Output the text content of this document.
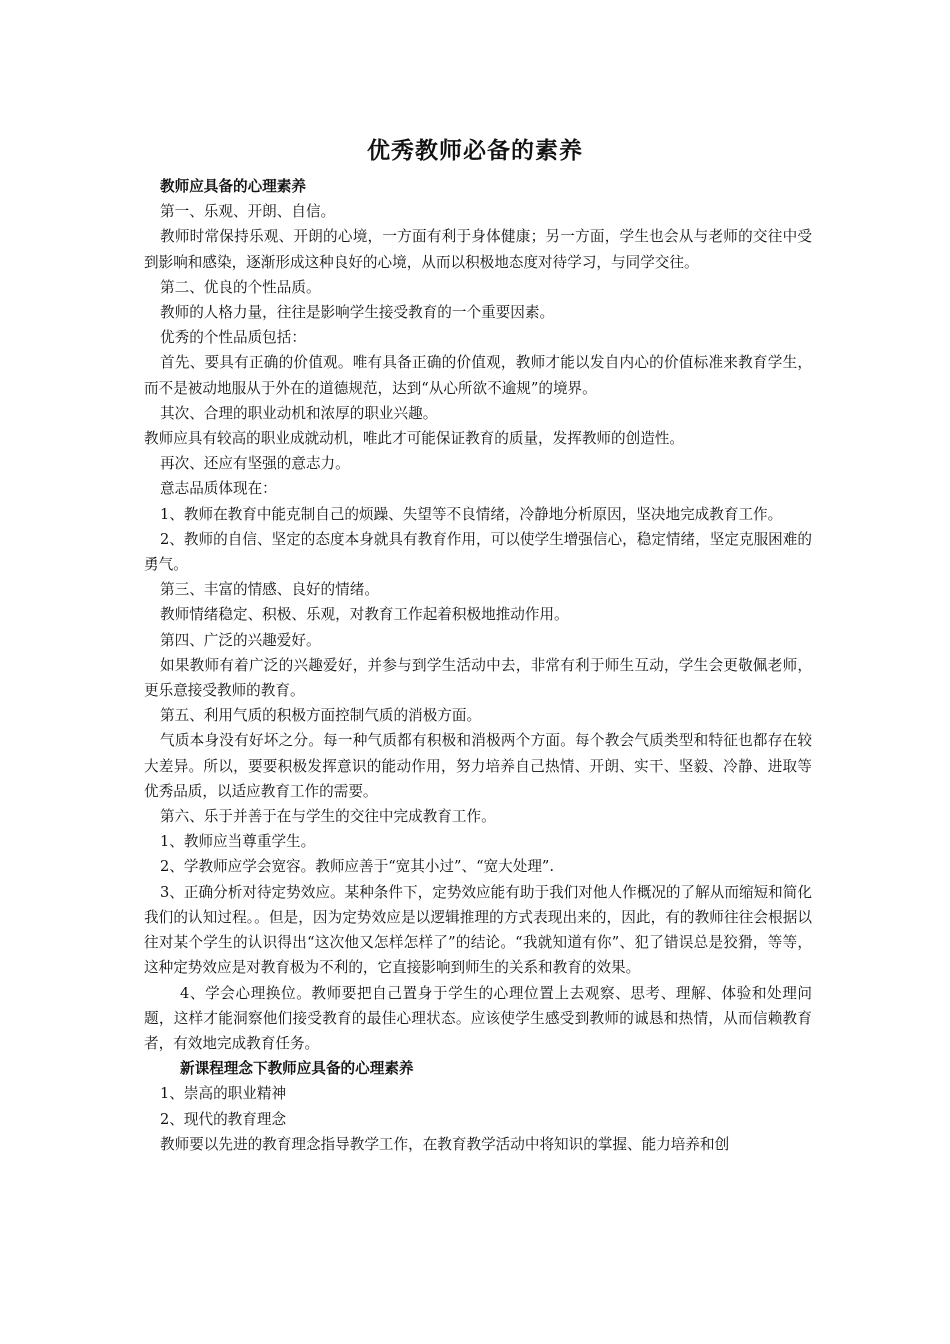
优秀教师必备的素养

教师应具备的心理素养

第一、乐观、开朗、自信。

教师时常保持乐观、开朗的心境，一方面有利于身体健康；另一方面，学生也会从与老师的交往中受到影响和感染，逐渐形成这种良好的心境，从而以积极地态度对待学习，与同学交往。

第二、优良的个性品质。

教师的人格力量，往往是影响学生接受教育的一个重要因素。

优秀的个性品质包括：

首先、要具有正确的价值观。唯有具备正确的价值观，教师才能以发自内心的价值标准来教育学生，而不是被动地服从于外在的道德规范，达到“从心所欲不逾规”的境界。

其次、合理的职业动机和浓厚的职业兴趣。

教师应具有较高的职业成就动机，唯此才可能保证教育的质量，发挥教师的创造性。

再次、还应有坚强的意志力。

意志品质体现在：

1、教师在教育中能克制自己的烦躁、失望等不良情绪，冷静地分析原因，坚决地完成教育工作。

2、教师的自信、坚定的态度本身就具有教育作用，可以使学生增强信心，稳定情绪，坚定克服困难的勇气。

第三、丰富的情感、良好的情绪。

教师情绪稳定、积极、乐观，对教育工作起着积极地推动作用。

第四、广泛的兴趣爱好。

如果教师有着广泛的兴趣爱好，并参与到学生活动中去，非常有利于师生互动，学生会更敬佩老师，更乐意接受教师的教育。

第五、利用气质的积极方面控制气质的消极方面。

气质本身没有好坏之分。每一种气质都有积极和消极两个方面。每个教会气质类型和特征也都存在较大差异。所以，要要积极发挥意识的能动作用，努力培养自己热情、开朗、实干、坚毅、冷静、进取等优秀品质，以适应教育工作的需要。

第六、乐于并善于在与学生的交往中完成教育工作。

1、教师应当尊重学生。

2、学教师应学会宽容。教师应善于“宽其小过”、“宽大处理”.

3、正确分析对待定势效应。某种条件下，定势效应能有助于我们对他人作概况的了解从而缩短和简化我们的认知过程。。但是，因为定势效应是以逻辑推理的方式表现出来的，因此，有的教师往往会根据以往对某个学生的认识得出“这次他又怎样怎样了”的结论。“我就知道有你”、犯了错误总是狡猾，等等，这种定势效应是对教育极为不利的，它直接影响到师生的关系和教育的效果。

4、学会心理换位。教师要把自己置身于学生的心理位置上去观察、思考、理解、体验和处理问题，这样才能洞察他们接受教育的最佳心理状态。应该使学生感受到教师的诚恳和热情，从而信赖教育者，有效地完成教育任务。

新课程理念下教师应具备的心理素养

1、崇高的职业精神

2、现代的教育理念

教师要以先进的教育理念指导教学工作，在教育教学活动中将知识的掌握、能力培养和创
